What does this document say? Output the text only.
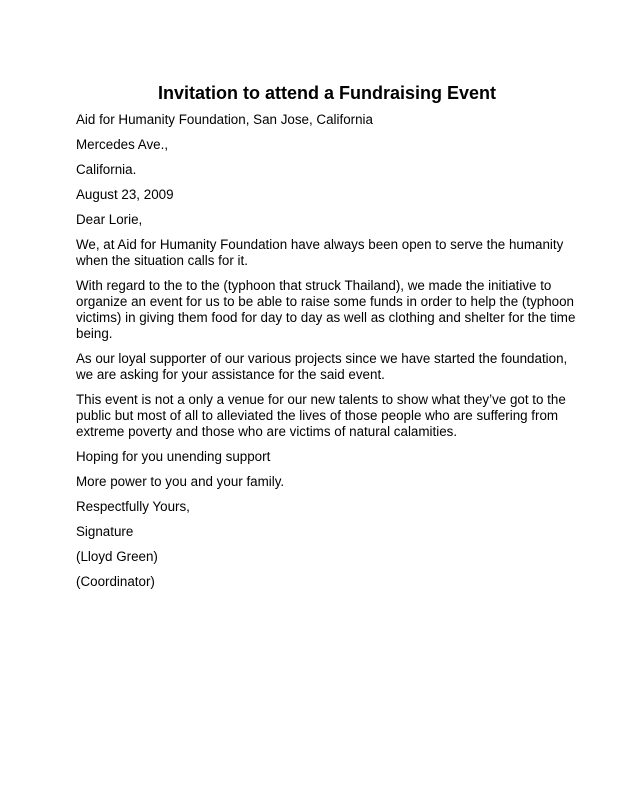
Invitation to attend a Fundraising Event

Aid for Humanity Foundation, San Jose, California

Mercedes Ave.,

California.

August 23, 2009

Dear Lorie,

We, at Aid for Humanity Foundation have always been open to serve the humanity when the situation calls for it.

With regard to the to the (typhoon that struck Thailand), we made the initiative to organize an event for us to be able to raise some funds in order to help the (typhoon victims) in giving them food for day to day as well as clothing and shelter for the time being.

As our loyal supporter of our various projects since we have started the foundation, we are asking for your assistance for the said event.

This event is not a only a venue for our new talents to show what they’ve got to the public but most of all to alleviated the lives of those people who are suffering from extreme poverty and those who are victims of natural calamities.

Hoping for you unending support

More power to you and your family.

Respectfully Yours,

Signature

(Lloyd Green)

(Coordinator)
